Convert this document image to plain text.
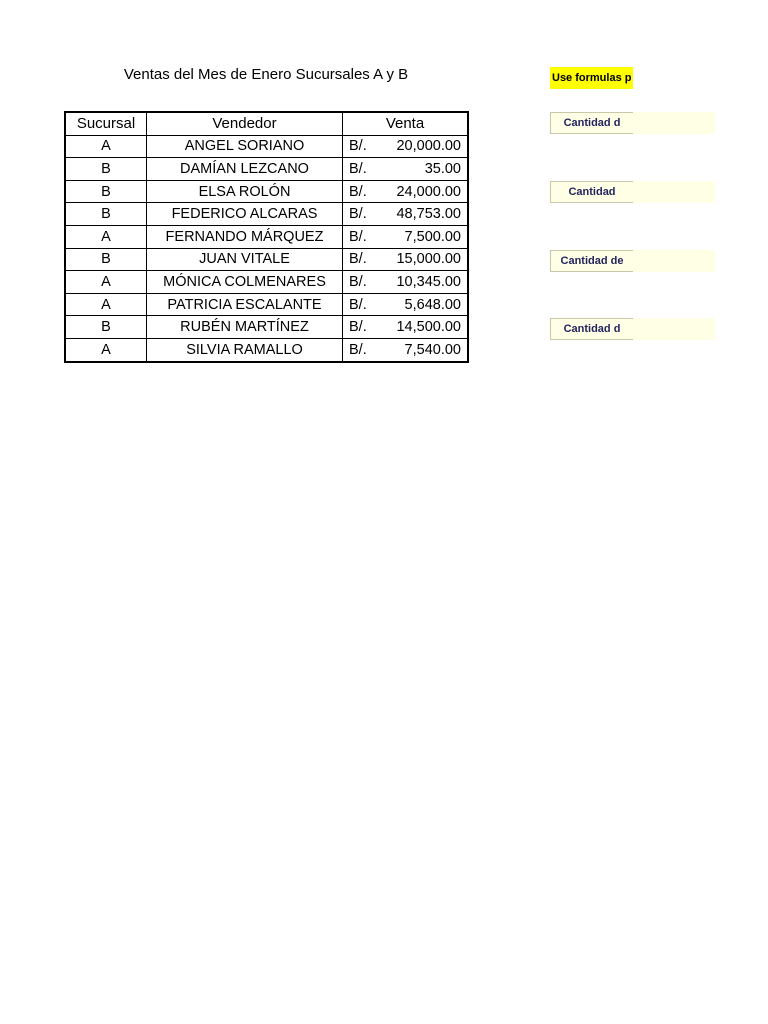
Ventas del Mes de Enero Sucursales A y B
Sucursal	Vendedor	Venta
A	ANGEL SORIANO	B/. 20,000.00

B	DAMÍAN LEZCANO	B/. 35.00

B	ELSA ROLÓN	B/. 24,000.00

B	FEDERICO ALCARAS	B/. 48,753.00

A	FERNANDO MÁRQUEZ	B/. 7,500.00

B	JUAN VITALE	B/. 15,000.00

A	MÓNICA COLMENARES	B/. 10,345.00

A	PATRICIA ESCALANTE	B/. 5,648.00

B	RUBÉN MARTÍNEZ	B/. 14,500.00

A	SILVIA RAMALLO	B/. 7,540.00
Use formulas p
Cantidad d
Cantidad
Cantidad de
Cantidad d
